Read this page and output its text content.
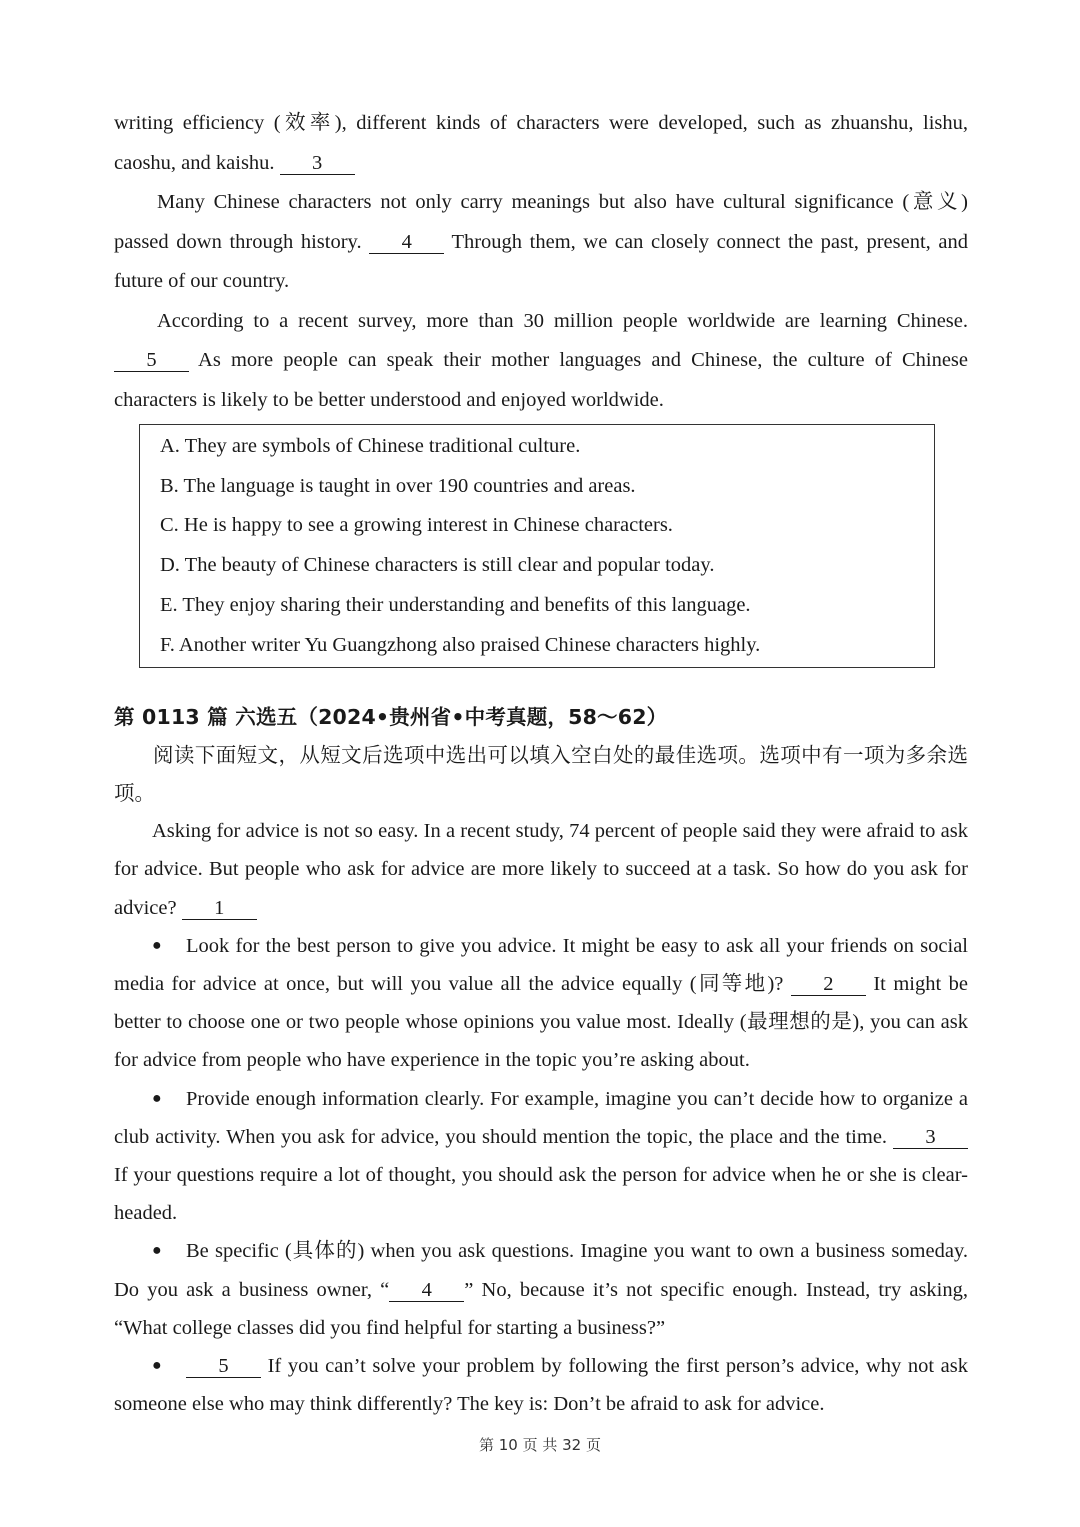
writing efficiency (效率), different kinds of characters were developed, such as zhuanshu, lishu, caoshu, and kaishu. 3

Many Chinese characters not only carry meanings but also have cultural significance (意义) passed down through history. 4 Through them, we can closely connect the past, present, and future of our country.

According to a recent survey, more than 30 million people worldwide are learning Chinese. 5 As more people can speak their mother languages and Chinese, the culture of Chinese characters is likely to be better understood and enjoyed worldwide.

A. They are symbols of Chinese traditional culture.

B. The language is taught in over 190 countries and areas.

C. He is happy to see a growing interest in Chinese characters.

D. The beauty of Chinese characters is still clear and popular today.

E. They enjoy sharing their understanding and benefits of this language.

F. Another writer Yu Guangzhong also praised Chinese characters highly.

第 0113 篇 六选五（2024•贵州省•中考真题，58～62）

阅读下面短文，从短文后选项中选出可以填入空白处的最佳选项。选项中有一项为多余选项。

Asking for advice is not so easy. In a recent study, 74 percent of people said they were afraid to ask for advice. But people who ask for advice are more likely to succeed at a task. So how do you ask for advice? 1

● Look for the best person to give you advice. It might be easy to ask all your friends on social media for advice at once, but will you value all the advice equally (同等地)? 2 It might be better to choose one or two people whose opinions you value most. Ideally (最理想的是), you can ask for advice from people who have experience in the topic you’re asking about.

● Provide enough information clearly. For example, imagine you can’t decide how to organize a club activity. When you ask for advice, you should mention the topic, the place and the time. 3 If your questions require a lot of thought, you should ask the person for advice when he or she is clear-headed.

● Be specific (具体的) when you ask questions. Imagine you want to own a business someday. Do you ask a business owner, “ 4 ” No, because it’s not specific enough. Instead, try asking, “What college classes did you find helpful for starting a business?”

●	5 If you can’t solve your problem by following the first person’s advice, why not ask someone else who may think differently? The key is: Don’t be afraid to ask for advice.

第 10 页 共 32 页
